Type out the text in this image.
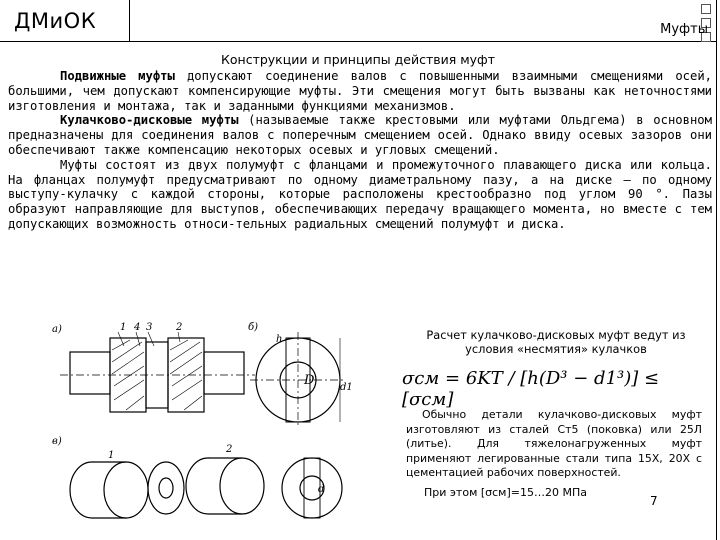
ДМиОК	Муфты
Конструкции и принципы действия муфт

Подвижные муфты допускают соединение валов с повышенными взаимными смещениями осей, большими, чем допускают компенсирующие муфты. Эти смещения могут быть вызваны как неточностями изготовления и монтажа, так и заданными функциями механизмов.

Кулачково-дисковые муфты (называемые также крестовыми или муфтами Ольдгема) в основном предназначены для соединения валов с поперечным смещением осей. Однако ввиду осевых зазоров они обеспечивают также компенсацию некоторых осевых и угловых смещений.

Муфты состоят из двух полумуфт с фланцами и промежуточного плавающего диска или кольца. На фланцах полумуфт предусматривают по одному диаметральному пазу, а на диске – по одному выступу-кулачку с каждой стороны, которые расположены крестообразно под углом 90 °. Пазы образуют направляющие для выступов, обеспечивающих передачу вращающего момента, но вместе с тем допускающих возможность относи-тельных радиальных смещений полумуфт и диска.

а)	1 4 3 2	б)
D	d1
h
в)
1
2
d
Расчет кулачково-дисковых муфт ведут из условия «несмятия» кулачков
σсм = 6KT / [h(D³ − d1³)] ≤ [σсм]

Обычно детали кулачково-дисковых муфт изготовляют из сталей Ст5 (поковка) или 25Л (литье). Для тяжелонагруженных муфт применяют легированные стали типа 15Х, 20Х с цементацией рабочих поверхностей.

При этом [σсм]=15…20 МПа
7
